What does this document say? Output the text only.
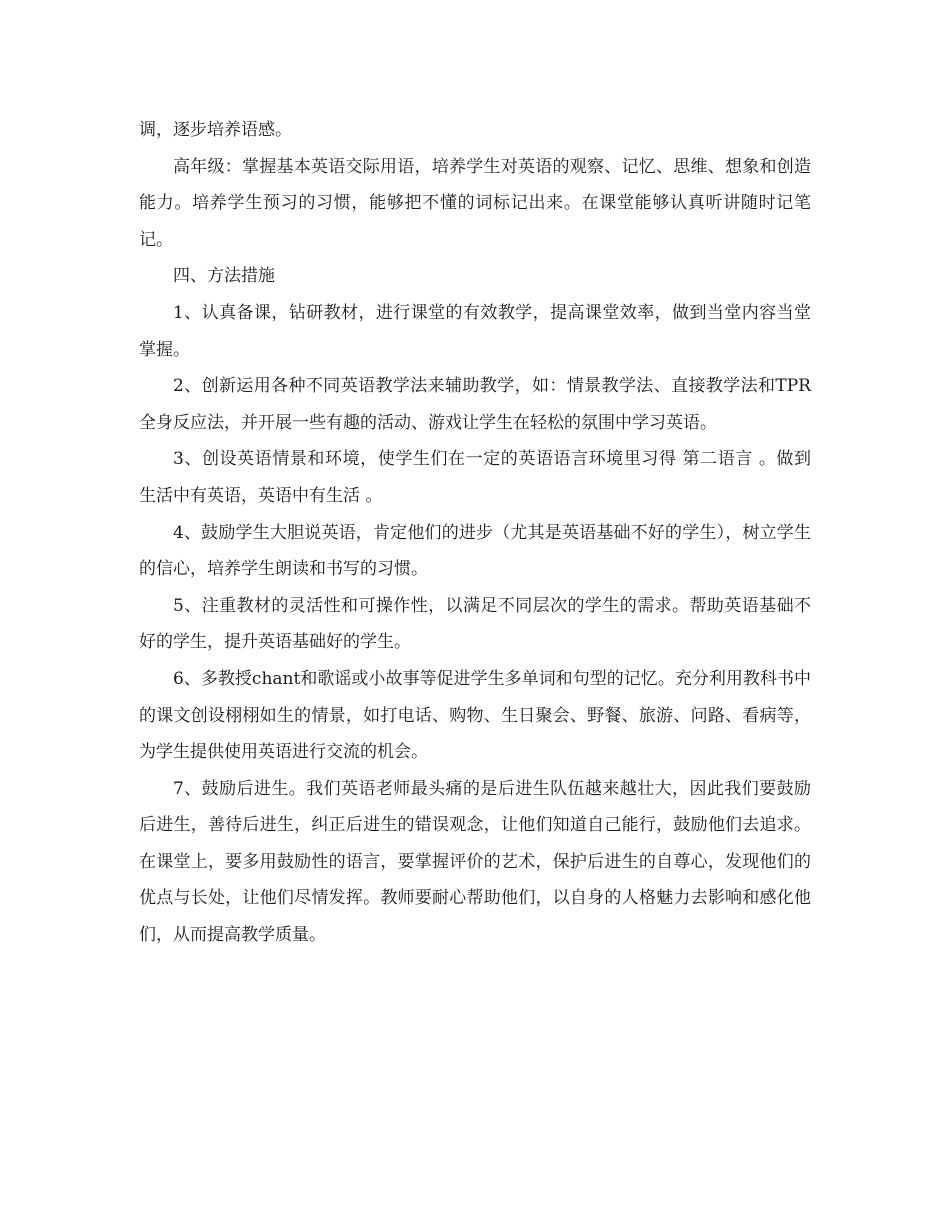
调，逐步培养语感。

高年级：掌握基本英语交际用语，培养学生对英语的观察、记忆、思维、想象和创造能力。培养学生预习的习惯，能够把不懂的词标记出来。在课堂能够认真听讲随时记笔记。

四、方法措施

1、认真备课，钻研教材，进行课堂的有效教学，提高课堂效率，做到当堂内容当堂掌握。

2、创新运用各种不同英语教学法来辅助教学，如：情景教学法、直接教学法和TPR全身反应法，并开展一些有趣的活动、游戏让学生在轻松的氛围中学习英语。

3、创设英语情景和环境，使学生们在一定的英语语言环境里习得 第二语言 。做到 生活中有英语，英语中有生活 。

4、鼓励学生大胆说英语，肯定他们的进步（尤其是英语基础不好的学生），树立学生的信心，培养学生朗读和书写的习惯。

5、注重教材的灵活性和可操作性，以满足不同层次的学生的需求。帮助英语基础不好的学生，提升英语基础好的学生。

6、多教授chant和歌谣或小故事等促进学生多单词和句型的记忆。充分利用教科书中的课文创设栩栩如生的情景，如打电话、购物、生日聚会、野餐、旅游、问路、看病等，为学生提供使用英语进行交流的机会。

7、鼓励后进生。我们英语老师最头痛的是后进生队伍越来越壮大，因此我们要鼓励后进生，善待后进生，纠正后进生的错误观念，让他们知道自己能行，鼓励他们去追求。在课堂上，要多用鼓励性的语言，要掌握评价的艺术，保护后进生的自尊心，发现他们的优点与长处，让他们尽情发挥。教师要耐心帮助他们，以自身的人格魅力去影响和感化他们，从而提高教学质量。
